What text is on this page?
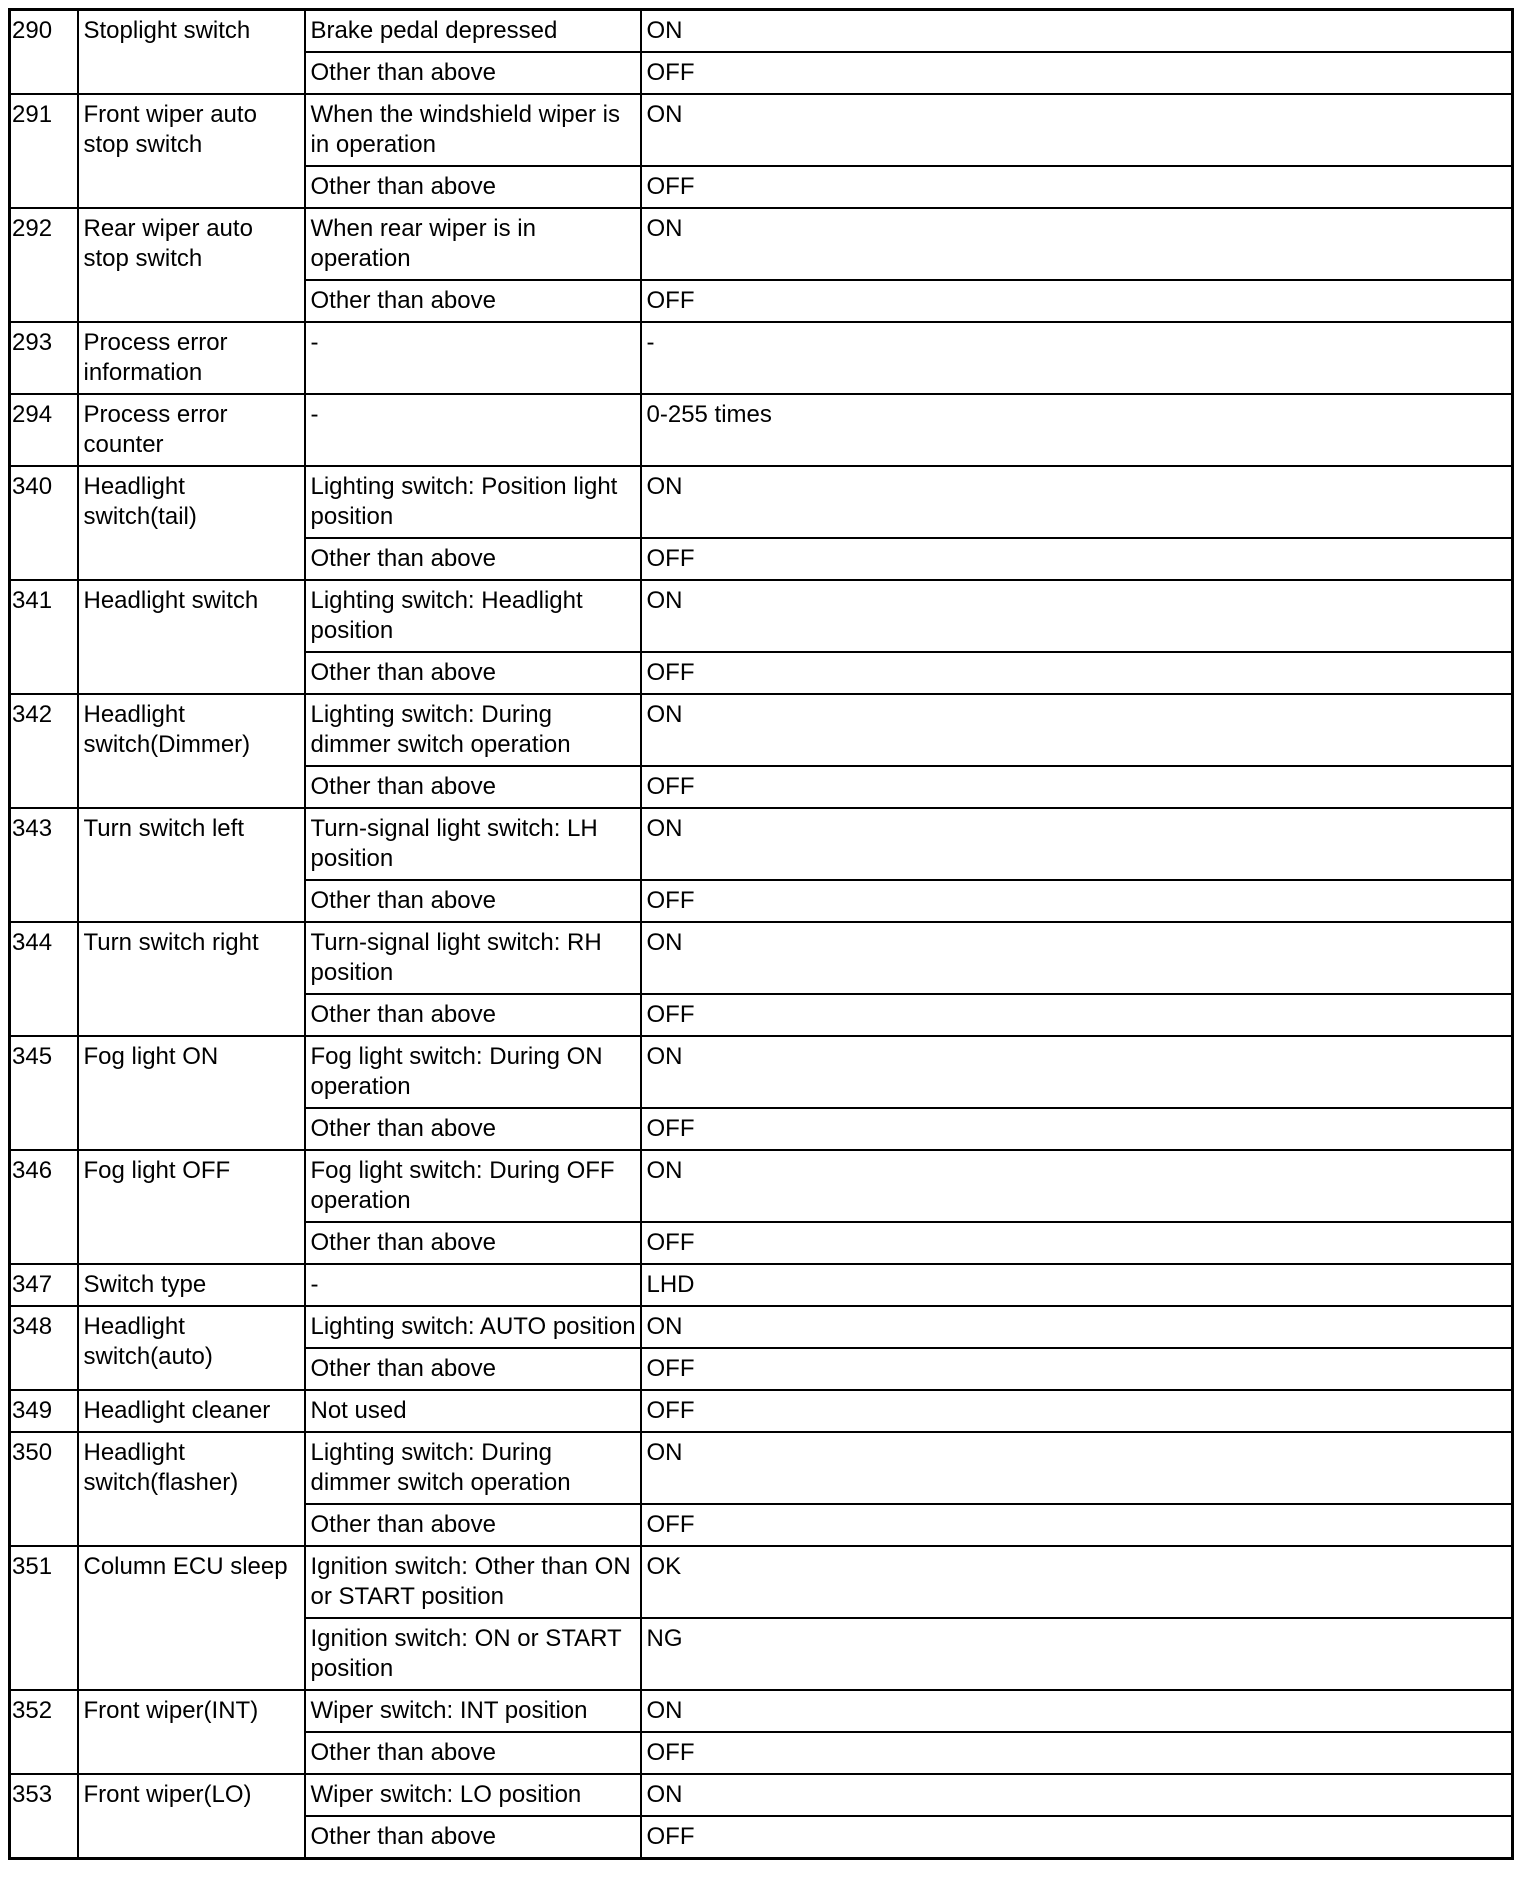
290	Stoplight switch	Brake pedal depressed	ON
		Other than above	OFF
291	Front wiper auto stop switch	When the windshield wiper is in operation	ON
		Other than above	OFF
292	Rear wiper auto stop switch	When rear wiper is in operation	ON
		Other than above	OFF
293	Process error information	-	-
294	Process error counter	-	0-255 times
340	Headlight switch(tail)	Lighting switch: Position light position	ON
		Other than above	OFF
341	Headlight switch	Lighting switch: Headlight position	ON
		Other than above	OFF
342	Headlight switch(Dimmer)	Lighting switch: During dimmer switch operation	ON
		Other than above	OFF
343	Turn switch left	Turn-signal light switch: LH position	ON
		Other than above	OFF
344	Turn switch right	Turn-signal light switch: RH position	ON
		Other than above	OFF
345	Fog light ON	Fog light switch: During ON operation	ON
		Other than above	OFF
346	Fog light OFF	Fog light switch: During OFF operation	ON
		Other than above	OFF
347	Switch type	-	LHD
348	Headlight switch(auto)	Lighting switch: AUTO position	ON
		Other than above	OFF
349	Headlight cleaner	Not used	OFF
350	Headlight switch(flasher)	Lighting switch: During dimmer switch operation	ON
		Other than above	OFF
351	Column ECU sleep	Ignition switch: Other than ON or START position	OK
		Ignition switch: ON or START position	NG
352	Front wiper(INT)	Wiper switch: INT position	ON
		Other than above	OFF
353	Front wiper(LO)	Wiper switch: LO position	ON
		Other than above	OFF
